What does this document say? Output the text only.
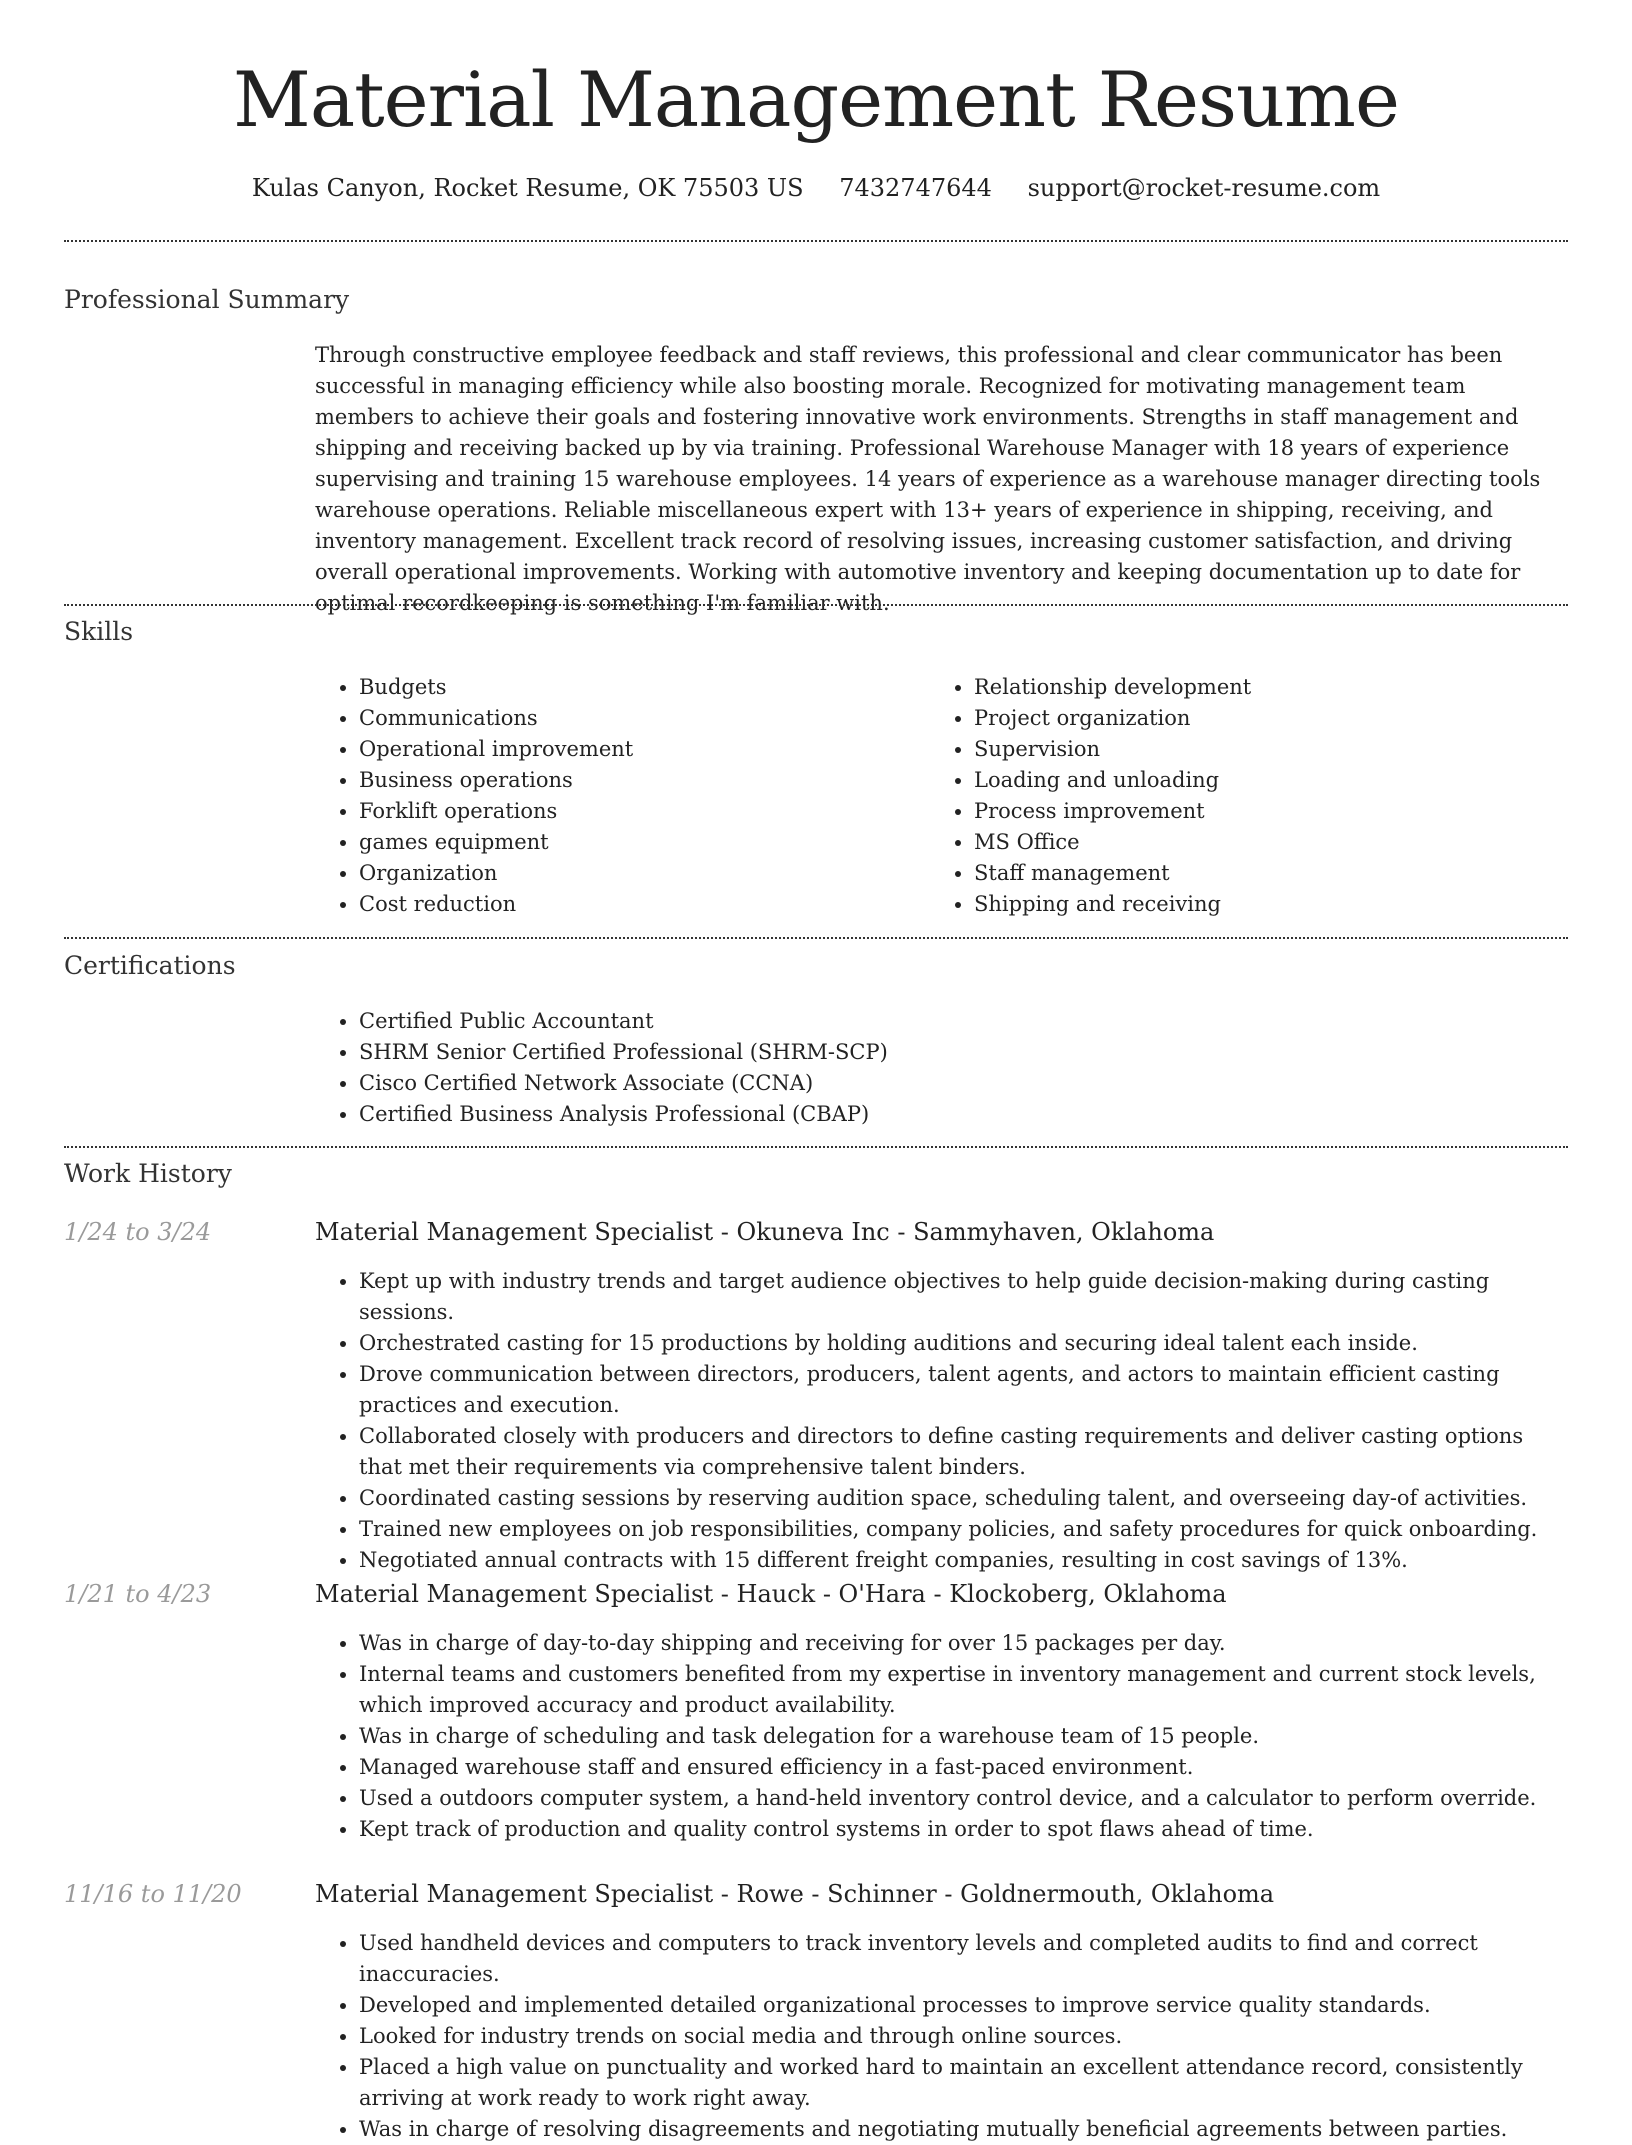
Material Management Resume
Kulas Canyon, Rocket Resume, OK 75503 US 7432747644 support@rocket-resume.com
Professional Summary

Through constructive employee feedback and staff reviews, this professional and clear communicator has been successful in managing efficiency while also boosting morale. Recognized for motivating management team members to achieve their goals and fostering innovative work environments. Strengths in staff management and shipping and receiving backed up by via training. Professional Warehouse Manager with 18 years of experience supervising and training 15 warehouse employees. 14 years of experience as a warehouse manager directing tools warehouse operations. Reliable miscellaneous expert with 13+ years of experience in shipping, receiving, and inventory management. Excellent track record of resolving issues, increasing customer satisfaction, and driving overall operational improvements. Working with automotive inventory and keeping documentation up to date for optimal recordkeeping is something I'm familiar with.

Skills
• Budgets
• Communications
• Operational improvement
• Business operations
• Forklift operations
• games equipment
• Organization
• Cost reduction
• Relationship development
• Project organization
• Supervision
• Loading and unloading
• Process improvement
• MS Office
• Staff management
• Shipping and receiving
Certifications
• Certified Public Accountant
• SHRM Senior Certified Professional (SHRM-SCP)
• Cisco Certified Network Associate (CCNA)
• Certified Business Analysis Professional (CBAP)
Work History
1/24 to 3/24	Material Management Specialist - Okuneva Inc - Sammyhaven, Oklahoma
• Kept up with industry trends and target audience objectives to help guide decision-making during casting sessions.
• Orchestrated casting for 15 productions by holding auditions and securing ideal talent each inside.
• Drove communication between directors, producers, talent agents, and actors to maintain efficient casting practices and execution.
• Collaborated closely with producers and directors to define casting requirements and deliver casting options that met their requirements via comprehensive talent binders.
• Coordinated casting sessions by reserving audition space, scheduling talent, and overseeing day-of activities.
• Trained new employees on job responsibilities, company policies, and safety procedures for quick onboarding.
• Negotiated annual contracts with 15 different freight companies, resulting in cost savings of 13%.
1/21 to 4/23	Material Management Specialist - Hauck - O'Hara - Klockoberg, Oklahoma
• Was in charge of day-to-day shipping and receiving for over 15 packages per day.
• Internal teams and customers benefited from my expertise in inventory management and current stock levels, which improved accuracy and product availability.
• Was in charge of scheduling and task delegation for a warehouse team of 15 people.
• Managed warehouse staff and ensured efficiency in a fast-paced environment.
• Used a outdoors computer system, a hand-held inventory control device, and a calculator to perform override.
• Kept track of production and quality control systems in order to spot flaws ahead of time.
11/16 to 11/20	Material Management Specialist - Rowe - Schinner - Goldnermouth, Oklahoma
• Used handheld devices and computers to track inventory levels and completed audits to find and correct inaccuracies.
• Developed and implemented detailed organizational processes to improve service quality standards.
• Looked for industry trends on social media and through online sources.
• Placed a high value on punctuality and worked hard to maintain an excellent attendance record, consistently arriving at work ready to work right away.
• Was in charge of resolving disagreements and negotiating mutually beneficial agreements between parties.
